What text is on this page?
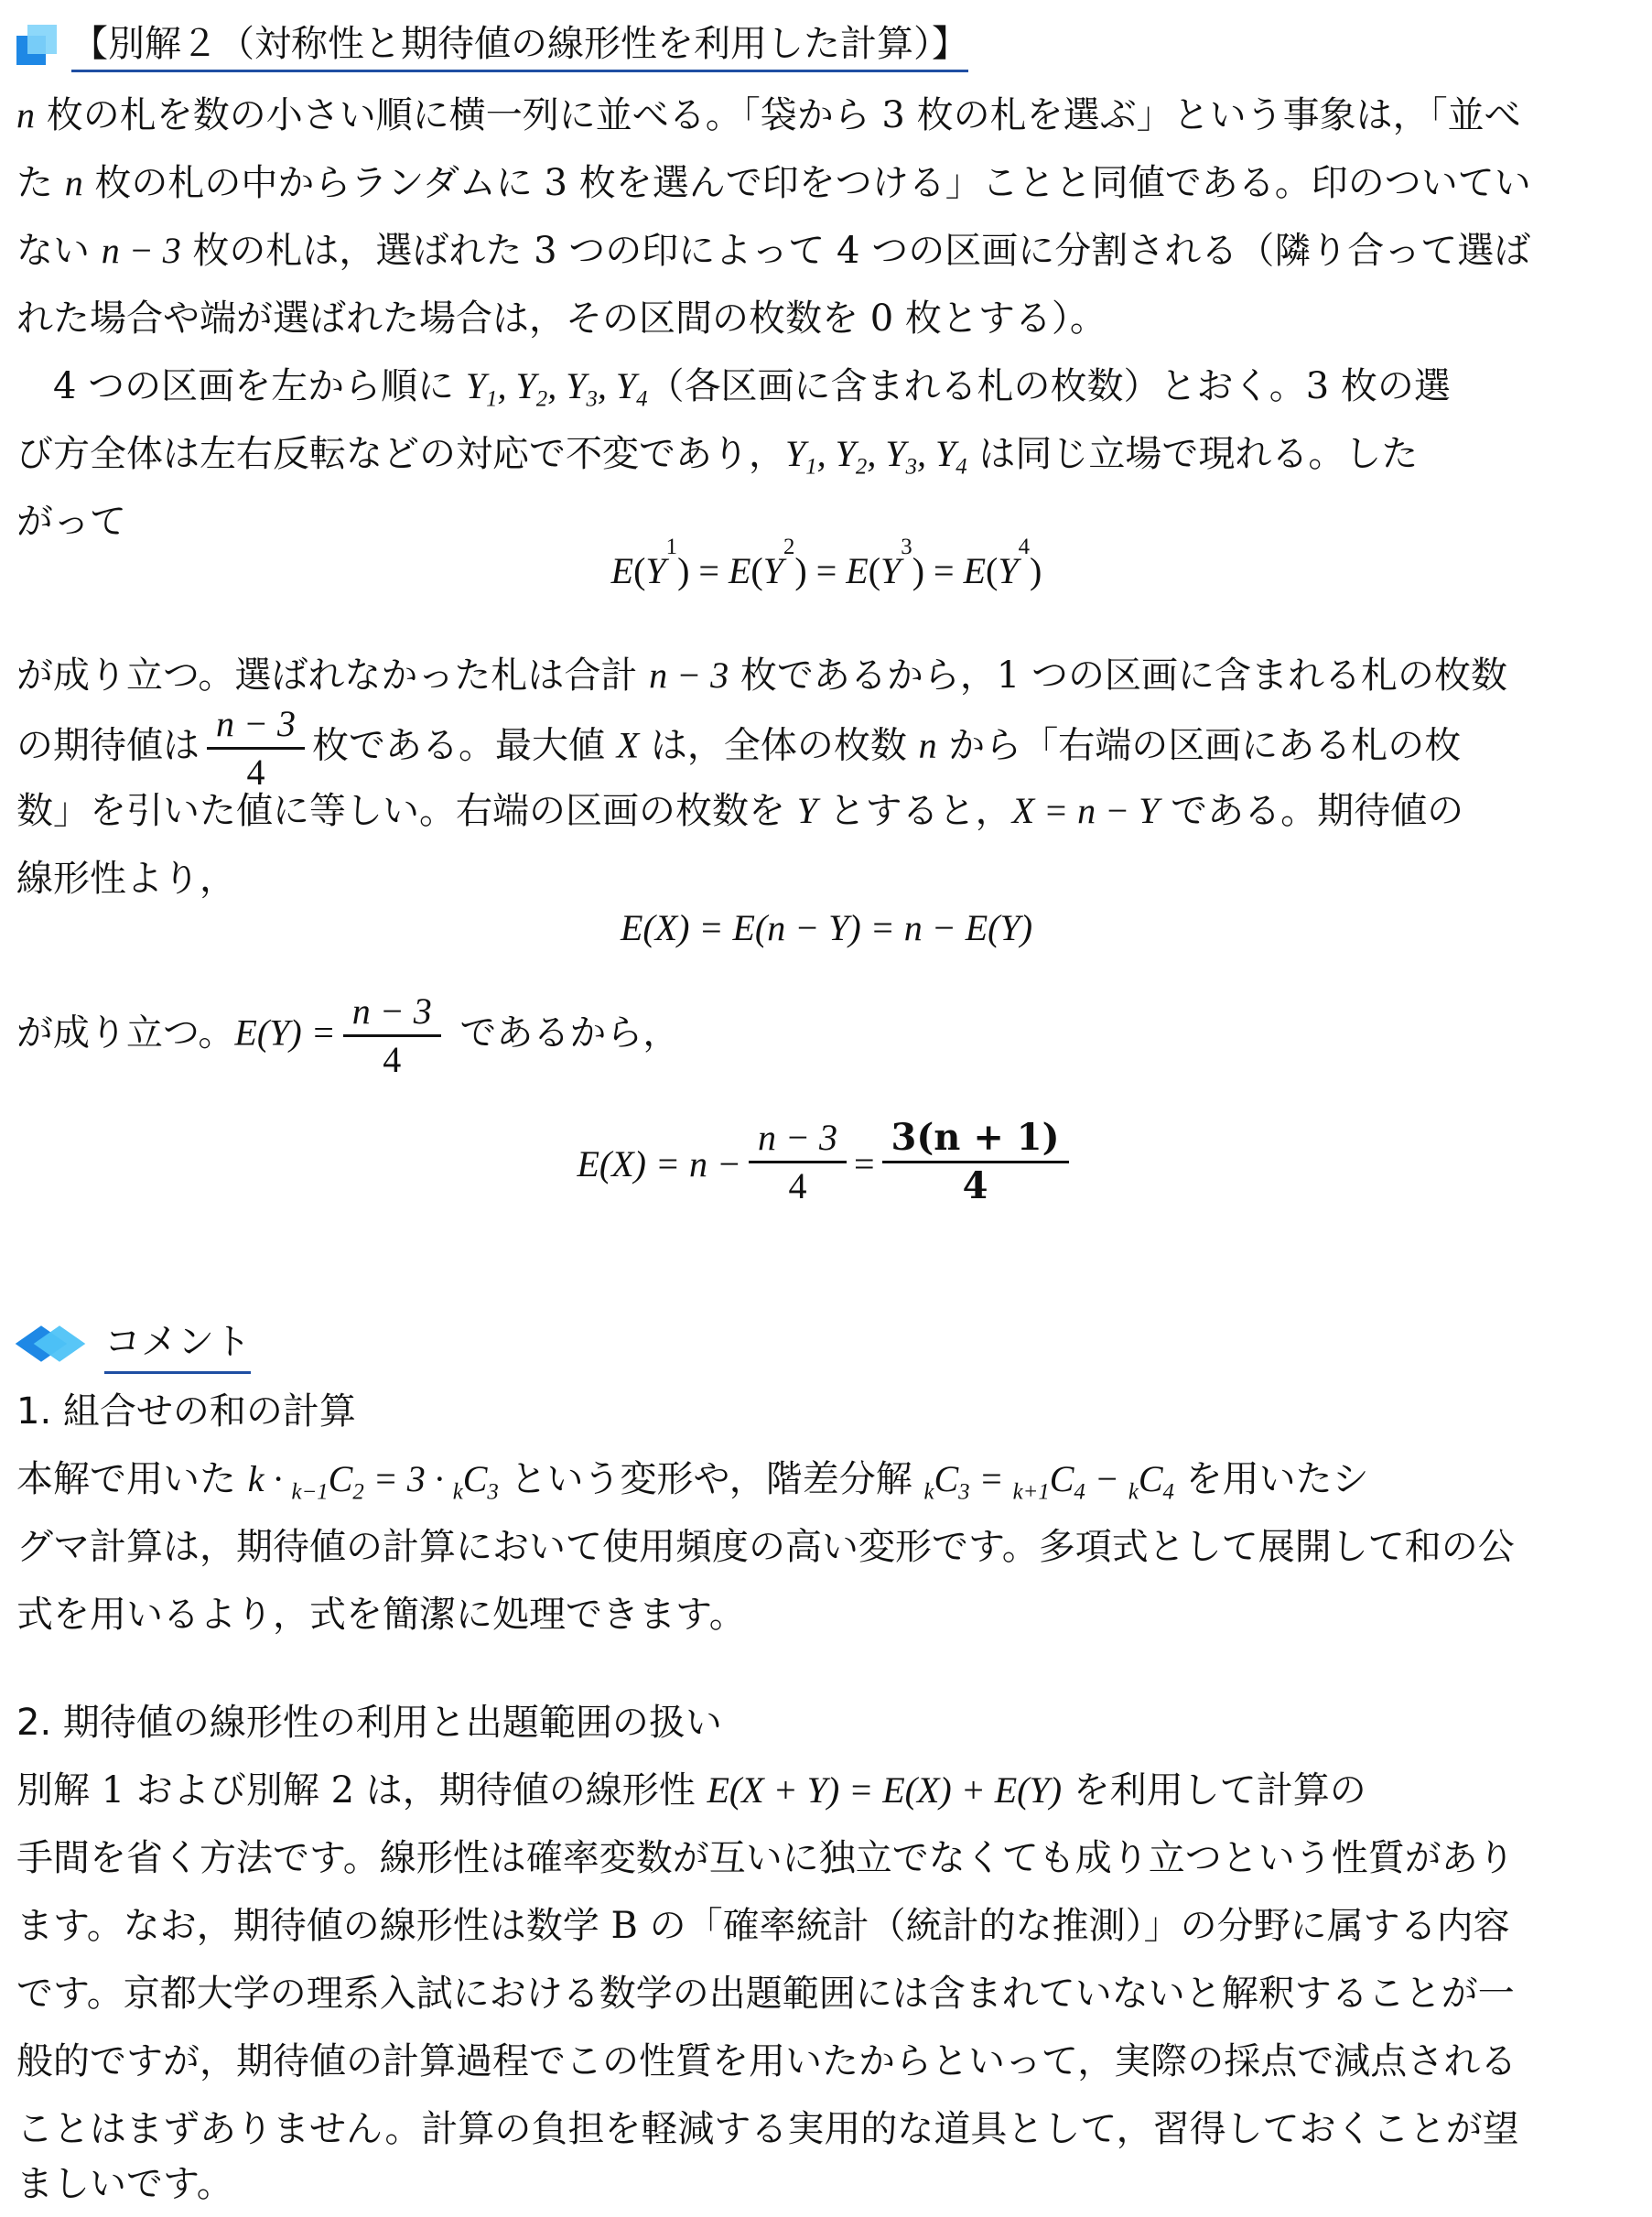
【別解２（対称性と期待値の線形性を利用した計算）】
n 枚の札を数の小さい順に横一列に並べる。「袋から 3 枚の札を選ぶ」という事象は，「並べ
た n 枚の札の中からランダムに 3 枚を選んで印をつける」ことと同値である。印のついてい
ない n − 3 枚の札は，選ばれた 3 つの印によって 4 つの区画に分割される（隣り合って選ば
れた場合や端が選ばれた場合は，その区間の枚数を 0 枚とする）。
　4 つの区画を左から順に $Y_1$, $Y_2$, $Y_3$, $Y_4$（各区画に含まれる札の枚数）とおく。3 枚の選
び方全体は左右反転などの対応で不変であり，$Y_1$, $Y_2$, $Y_3$, $Y_4$ は同じ立場で現れる。した
がって
E ( Y
1
) = E ( Y
2
) = E ( Y
3
) = E ( Y
4
)
が成り立つ。選ばれなかった札は合計 n − 3 枚であるから，1 つの区画に含まれる札の枚数
の期待値は $\frac{n - 3}{4}$ 枚である。最大値 X は，全体の枚数 n から「右端の区画にある札の枚
数」を引いた値に等しい。右端の区画の枚数を Y とすると，X = n − Y である。期待値の
線形性より，
E(X) = E(n − Y) = n − E(Y)
が成り立つ。$E(Y) = \frac{n - 3}{4}$ であるから，
$E(X) = n - \frac{n - 3}{4} = \frac{3(n + 1)}{4}$
コメント
1. 組合せの和の計算
本解で用いた $k \cdot _{k-1}C_2 = 3 \cdot _kC_3$ という変形や，階差分解 $_kC_3 = _{k+1}C_4 - _kC_4$ を用いたシ
グマ計算は，期待値の計算において使用頻度の高い変形です。多項式として展開して和の公
式を用いるより，式を簡潔に処理できます。
2. 期待値の線形性の利用と出題範囲の扱い
別解 1 および別解 2 は，期待値の線形性 E(X + Y) = E(X) + E(Y) を利用して計算の
手間を省く方法です。線形性は確率変数が互いに独立でなくても成り立つという性質があり
ます。なお，期待値の線形性は数学 B の「確率統計（統計的な推測）」の分野に属する内容
です。京都大学の理系入試における数学の出題範囲には含まれていないと解釈することが一
般的ですが，期待値の計算過程でこの性質を用いたからといって，実際の採点で減点される
ことはまずありません。計算の負担を軽減する実用的な道具として，習得しておくことが望
ましいです。
